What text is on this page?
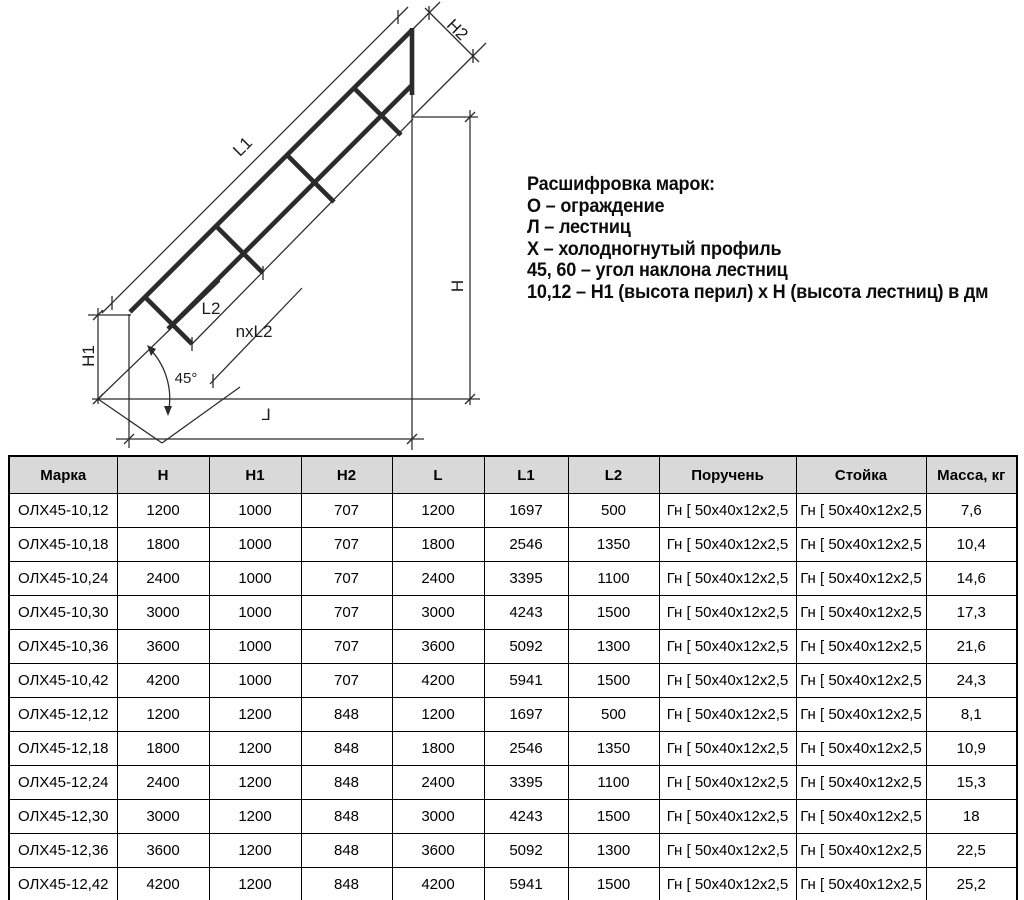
L1
H2
H
H1
L2
nxL2
45°
L
Расшифровка марок:
О – ограждение
Л – лестниц
Х – холодногнутый профиль
45, 60 – угол наклона лестниц
10,12 – Н1 (высота перил) х Н (высота лестниц) в дм
Марка	H	H1	H2	L	L1	L2	Поручень	Стойка	Масса, кг
ОЛХ45-10,12	1200	1000	707	1200	1697	500	Гн [ 50х40х12х2,5	Гн [ 50х40х12х2,5	7,6
ОЛХ45-10,18	1800	1000	707	1800	2546	1350	Гн [ 50х40х12х2,5	Гн [ 50х40х12х2,5	10,4
ОЛХ45-10,24	2400	1000	707	2400	3395	1100	Гн [ 50х40х12х2,5	Гн [ 50х40х12х2,5	14,6
ОЛХ45-10,30	3000	1000	707	3000	4243	1500	Гн [ 50х40х12х2,5	Гн [ 50х40х12х2,5	17,3
ОЛХ45-10,36	3600	1000	707	3600	5092	1300	Гн [ 50х40х12х2,5	Гн [ 50х40х12х2,5	21,6
ОЛХ45-10,42	4200	1000	707	4200	5941	1500	Гн [ 50х40х12х2,5	Гн [ 50х40х12х2,5	24,3
ОЛХ45-12,12	1200	1200	848	1200	1697	500	Гн [ 50х40х12х2,5	Гн [ 50х40х12х2,5	8,1
ОЛХ45-12,18	1800	1200	848	1800	2546	1350	Гн [ 50х40х12х2,5	Гн [ 50х40х12х2,5	10,9
ОЛХ45-12,24	2400	1200	848	2400	3395	1100	Гн [ 50х40х12х2,5	Гн [ 50х40х12х2,5	15,3
ОЛХ45-12,30	3000	1200	848	3000	4243	1500	Гн [ 50х40х12х2,5	Гн [ 50х40х12х2,5	18
ОЛХ45-12,36	3600	1200	848	3600	5092	1300	Гн [ 50х40х12х2,5	Гн [ 50х40х12х2,5	22,5
ОЛХ45-12,42	4200	1200	848	4200	5941	1500	Гн [ 50х40х12х2,5	Гн [ 50х40х12х2,5	25,2
